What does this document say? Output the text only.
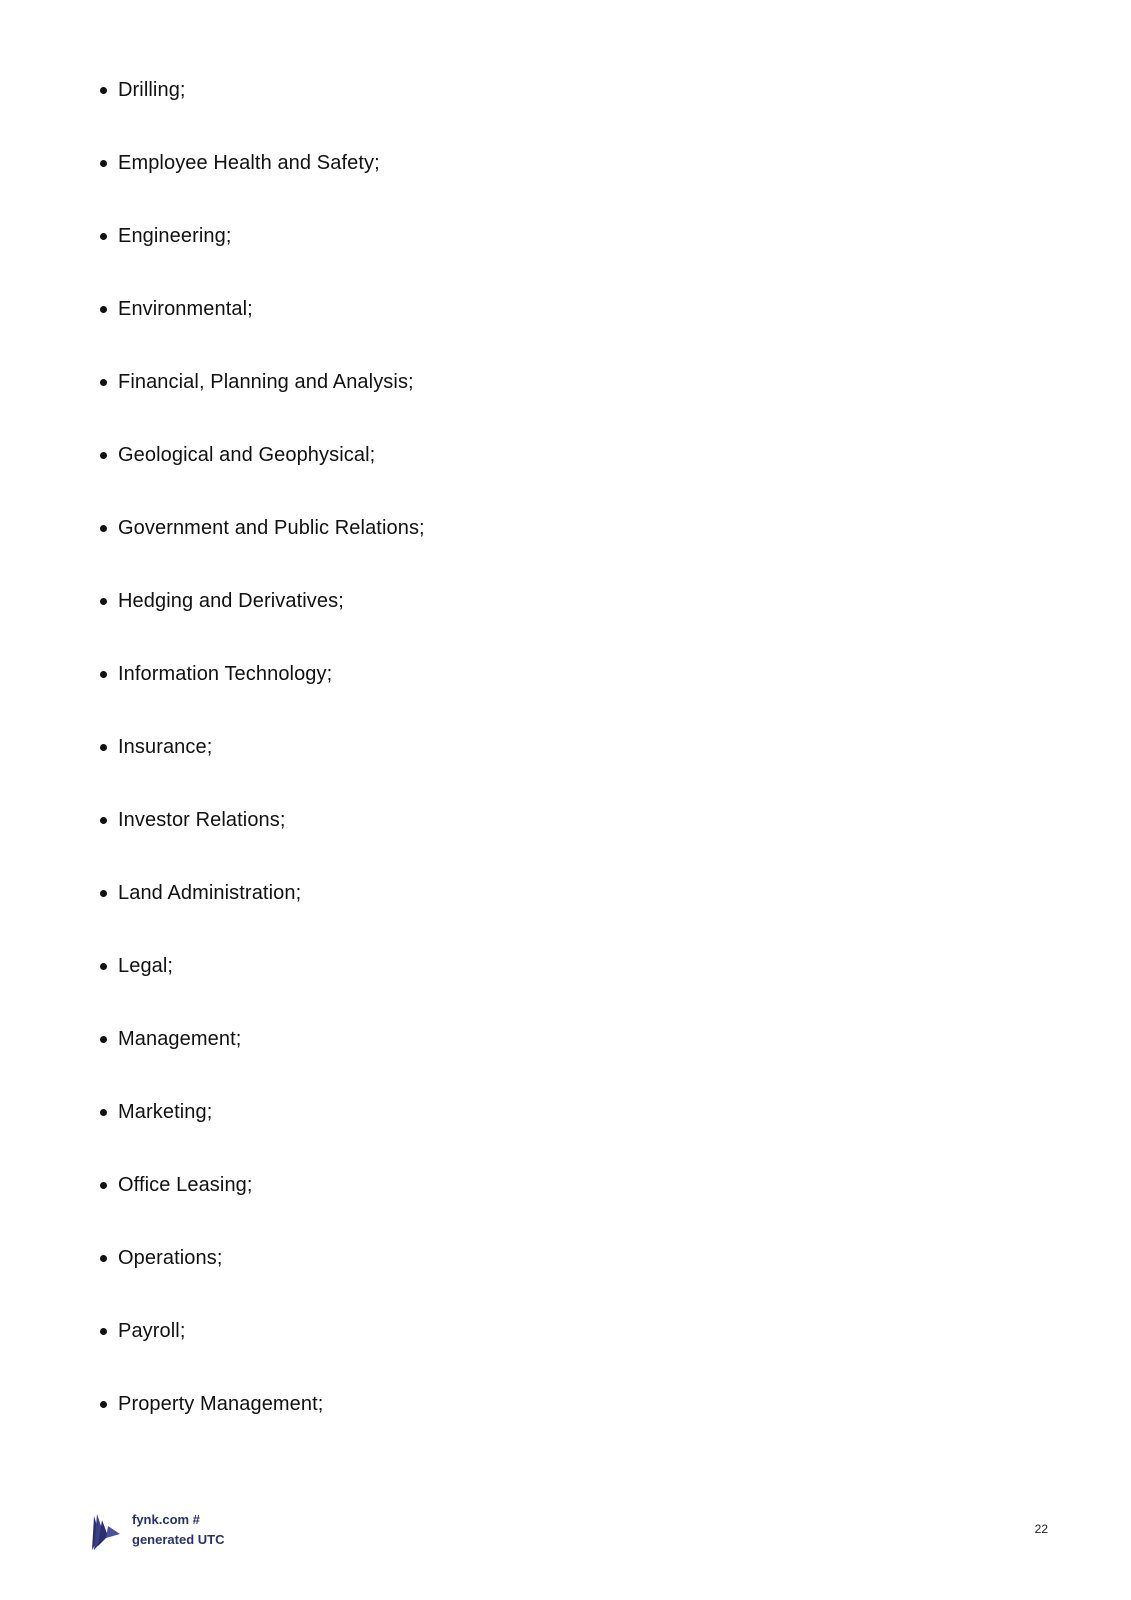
Drilling;
Employee Health and Safety;
Engineering;
Environmental;
Financial, Planning and Analysis;
Geological and Geophysical;
Government and Public Relations;
Hedging and Derivatives;
Information Technology;
Insurance;
Investor Relations;
Land Administration;
Legal;
Management;
Marketing;
Office Leasing;
Operations;
Payroll;
Property Management;
fynk.com #
generated UTC
22
